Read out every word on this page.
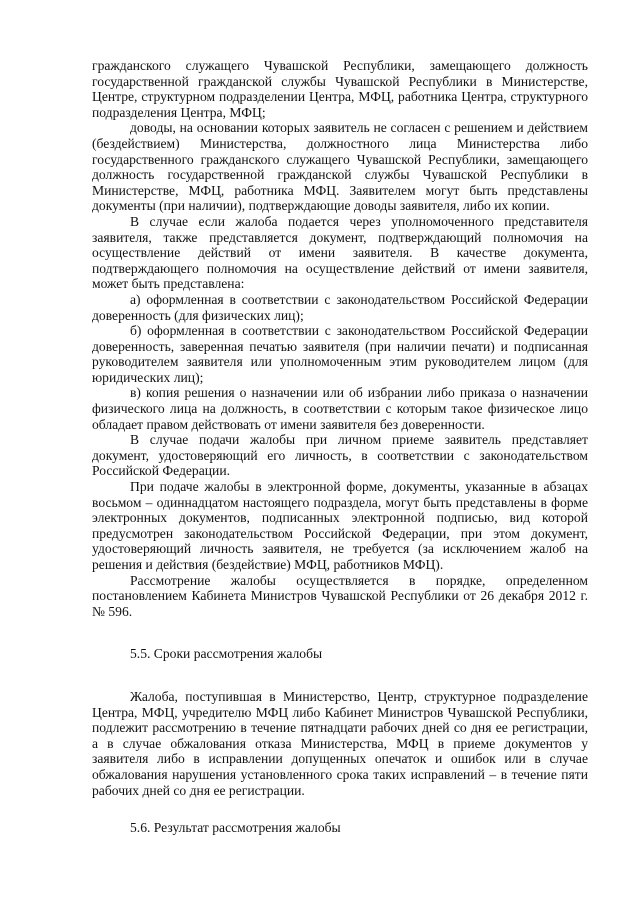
гражданского служащего Чувашской Республики, замещающего должность государственной гражданской службы Чувашской Республики в Министерстве, Центре, структурном подразделении Центра, МФЦ, работника Центра, структурного подразделения Центра, МФЦ;

доводы, на основании которых заявитель не согласен с решением и действием (бездействием) Министерства, должностного лица Министерства либо государственного гражданского служащего Чувашской Республики, замещающего должность государственной гражданской службы Чувашской Республики в Министерстве, МФЦ, работника МФЦ. Заявителем могут быть представлены документы (при наличии), подтверждающие доводы заявителя, либо их копии.

В случае если жалоба подается через уполномоченного представителя заявителя, также представляется документ, подтверждающий полномочия на осуществление действий от имени заявителя. В качестве документа, подтверждающего полномочия на осуществление действий от имени заявителя, может быть представлена:

а) оформленная в соответствии с законодательством Российской Федерации доверенность (для физических лиц);

б) оформленная в соответствии с законодательством Российской Федерации доверенность, заверенная печатью заявителя (при наличии печати) и подписанная руководителем заявителя или уполномоченным этим руководителем лицом (для юридических лиц);

в) копия решения о назначении или об избрании либо приказа о назначении физического лица на должность, в соответствии с которым такое физическое лицо обладает правом действовать от имени заявителя без доверенности.

В случае подачи жалобы при личном приеме заявитель представляет документ, удостоверяющий его личность, в соответствии с законодательством Российской Федерации.

При подаче жалобы в электронной форме, документы, указанные в абзацах восьмом – одиннадцатом настоящего подраздела, могут быть представлены в форме электронных документов, подписанных электронной подписью, вид которой предусмотрен законодательством Российской Федерации, при этом документ, удостоверяющий личность заявителя, не требуется (за исключением жалоб на решения и действия (бездействие) МФЦ, работников МФЦ).

Рассмотрение жалобы осуществляется в порядке, определенном постановлением Кабинета Министров Чувашской Республики от 26 декабря 2012 г. № 596.

5.5. Сроки рассмотрения жалобы

Жалоба, поступившая в Министерство, Центр, структурное подразделение Центра, МФЦ, учредителю МФЦ либо Кабинет Министров Чувашской Республики, подлежит рассмотрению в течение пятнадцати рабочих дней со дня ее регистрации, а в случае обжалования отказа Министерства, МФЦ в приеме документов у заявителя либо в исправлении допущенных опечаток и ошибок или в случае обжалования нарушения установленного срока таких исправлений – в течение пяти рабочих дней со дня ее регистрации.

5.6. Результат рассмотрения жалобы
